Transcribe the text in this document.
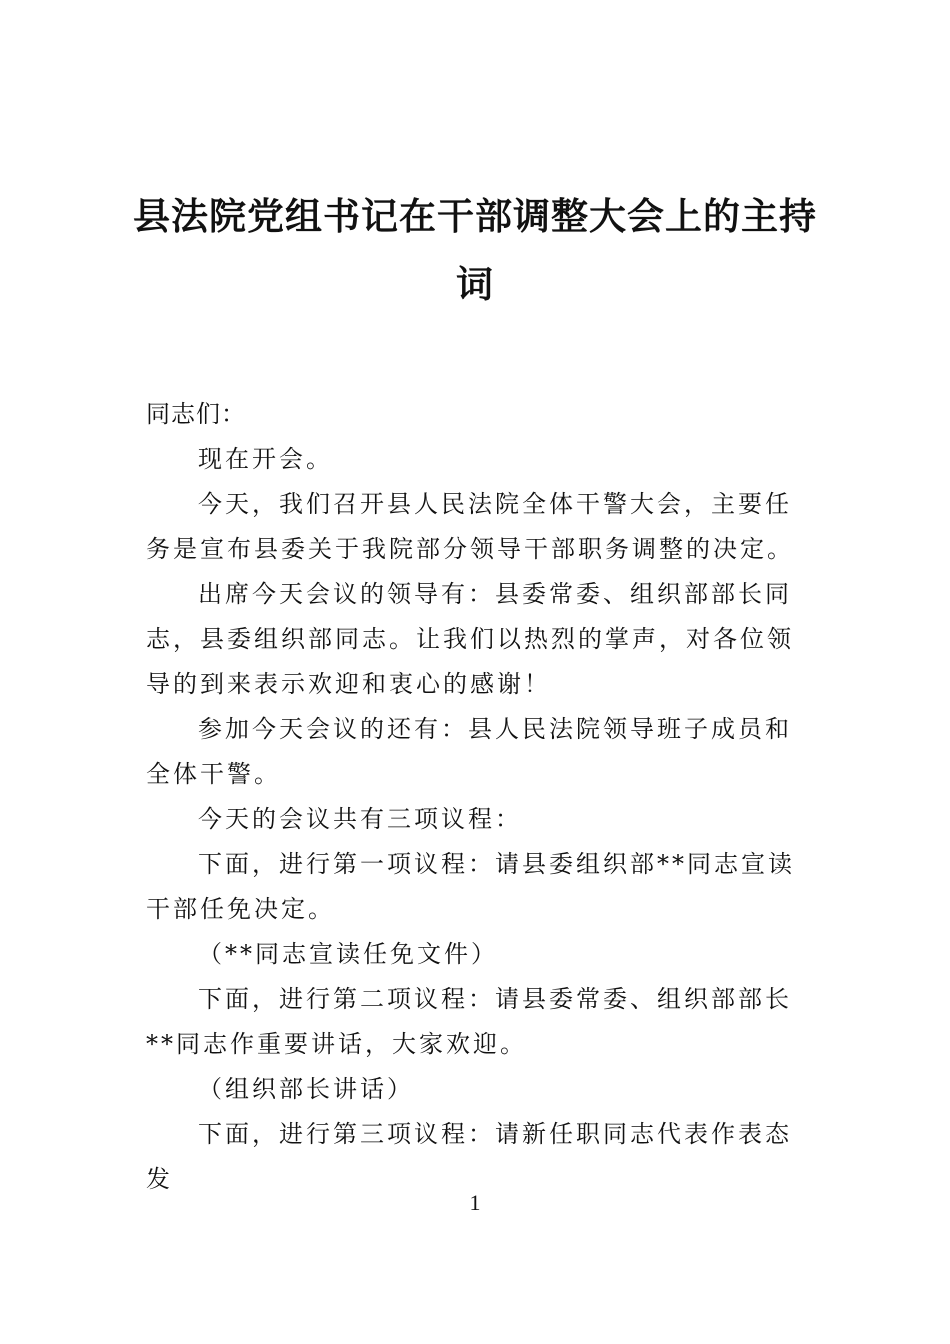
县法院党组书记在干部调整大会上的主持
词

同志们：

现在开会。

今天，我们召开县人民法院全体干警大会，主要任务是宣布县委关于我院部分领导干部职务调整的决定。

出席今天会议的领导有：县委常委、组织部部长同志，县委组织部同志。让我们以热烈的掌声，对各位领导的到来表示欢迎和衷心的感谢！

参加今天会议的还有：县人民法院领导班子成员和全体干警。

今天的会议共有三项议程：

下面，进行第一项议程：请县委组织部**同志宣读干部任免决定。

（**同志宣读任免文件）

下面，进行第二项议程：请县委常委、组织部部长**同志作重要讲话，大家欢迎。

（组织部长讲话）

下面，进行第三项议程：请新任职同志代表作表态发

1
